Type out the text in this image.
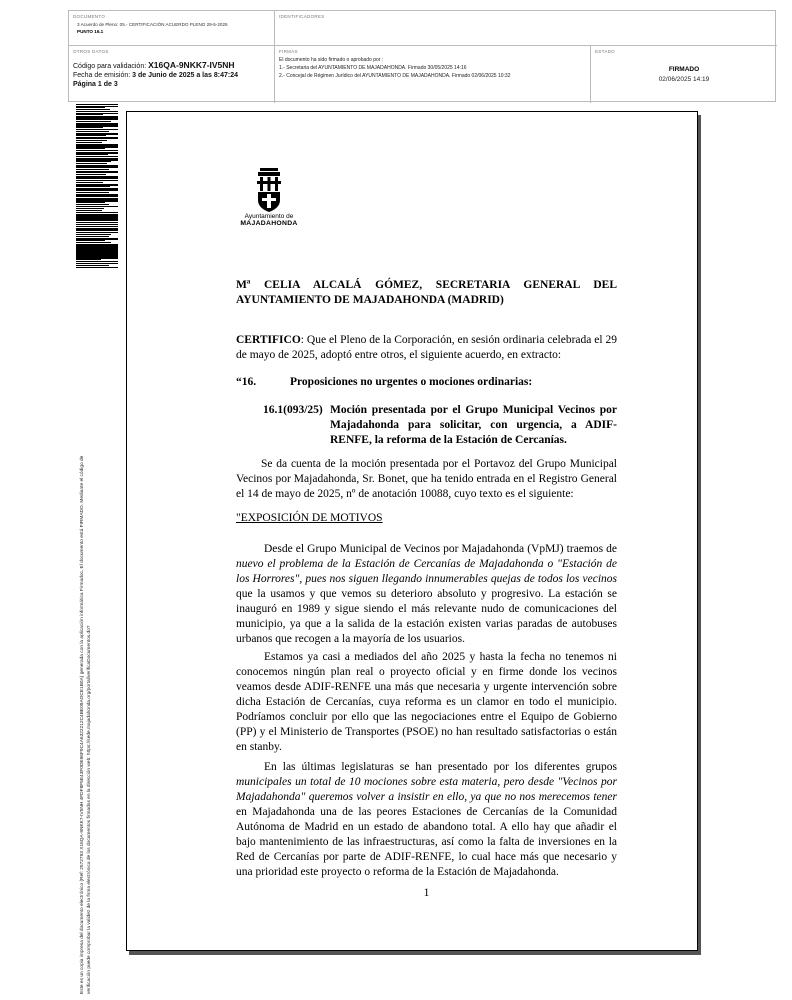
DOCUMENTO
3 Acuerdo de Pleno: 05.- CERTIFICACIÓN ACUERDO PLENO 29-5-2025
PUNTO 16.1
IDENTIFICADORES
OTROS DATOS
Código para validación: X16QA-9NKK7-IV5NH
Fecha de emisión: 3 de Junio de 2025 a las 8:47:24
Página 1 de 3
FIRMAS
El documento ha sido firmado o aprobado por :
1.- Secretaria del AYUNTAMIENTO DE MAJADAHONDA. Firmado 30/05/2025 14:16
2.- Concejal de Régimen Jurídico del AYUNTAMIENTO DE MAJADAHONDA. Firmado 02/06/2025 10:32
ESTADO
FIRMADO
02/06/2025 14:19
Este es un copia impresa del documento electrónico (Ref: 2572793 X16QA-9NKK7-IV5NH 4FDF8F5E43F0DE96F9C4A6322212C4BE09AOCE1B0A) generada con la aplicación informática Firmadoc. El documento está FIRMADO. Mediante el código de verificación puede comprobar la validez de la firma electrónica de los documentos firmados en la dirección web: https://sede.majadahonda.org/portal/verificaDocumentos.do?
Ayuntamiento de
MAJADAHONDA
Mª CELIA ALCALÁ GÓMEZ, SECRETARIA GENERAL DEL
AYUNTAMIENTO DE MAJADAHONDA (MADRID)
CERTIFICO: Que el Pleno de la Corporación, en sesión ordinaria celebrada el 29 de mayo de 2025, adoptó entre otros, el siguiente acuerdo, en extracto:
“16.	Proposiciones no urgentes o mociones ordinarias:
16.1(093/25) Moción presentada por el Grupo Municipal Vecinos por Majadahonda para solicitar, con urgencia, a ADIF-RENFE, la reforma de la Estación de Cercanías.
Se da cuenta de la moción presentada por el Portavoz del Grupo Municipal Vecinos por Majadahonda, Sr. Bonet, que ha tenido entrada en el Registro General el 14 de mayo de 2025, nº de anotación 10088, cuyo texto es el siguiente:
"EXPOSICIÓN DE MOTIVOS
Desde el Grupo Municipal de Vecinos por Majadahonda (VpMJ) traemos de nuevo el problema de la Estación de Cercanías de Majadahonda o "Estación de los Horrores", pues nos siguen llegando innumerables quejas de todos los vecinos que la usamos y que vemos su deterioro absoluto y progresivo. La estación se inauguró en 1989 y sigue siendo el más relevante nudo de comunicaciones del municipio, ya que a la salida de la estación existen varias paradas de autobuses urbanos que recogen a la mayoría de los usuarios.
Estamos ya casi a mediados del año 2025 y hasta la fecha no tenemos ni conocemos ningún plan real o proyecto oficial y en firme donde los vecinos veamos desde ADIF-RENFE una más que necesaria y urgente intervención sobre dicha Estación de Cercanías, cuya reforma es un clamor en todo el municipio. Podríamos concluir por ello que las negociaciones entre el Equipo de Gobierno (PP) y el Ministerio de Transportes (PSOE) no han resultado satisfactorias o están en stanby.
En las últimas legislaturas se han presentado por los diferentes grupos municipales un total de 10 mociones sobre esta materia, pero desde "Vecinos por Majadahonda" queremos volver a insistir en ello, ya que no nos merecemos tener en Majadahonda una de las peores Estaciones de Cercanías de la Comunidad Autónoma de Madrid en un estado de abandono total. A ello hay que añadir el bajo mantenimiento de las infraestructuras, así como la falta de inversiones en la Red de Cercanías por parte de ADIF-RENFE, lo cual hace más que necesario y una prioridad este proyecto o reforma de la Estación de Majadahonda.
1
